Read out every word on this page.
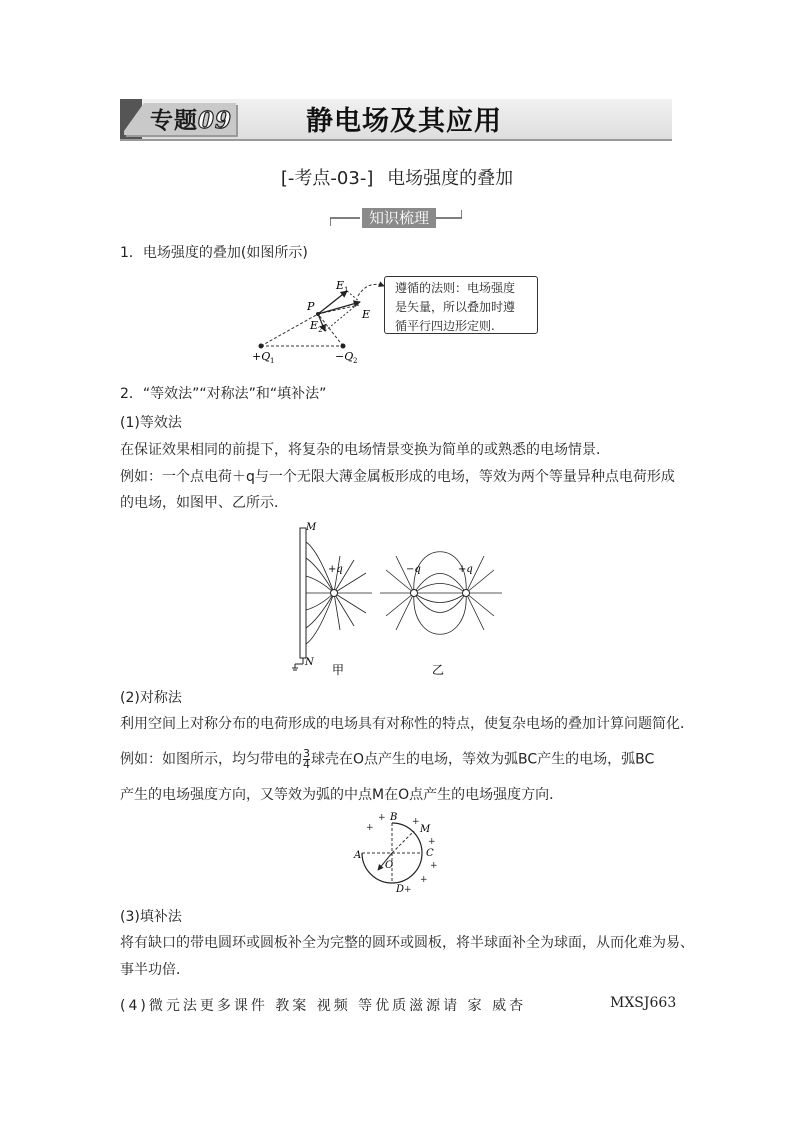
专题09	静电场及其应用
[-考点-03-] 电场强度的叠加
知识梳理

1．电场强度的叠加(如图所示)

E 1
P
E
E 2
+Q 1	−Q 2
遵循的法则：电场强度
是矢量，所以叠加时遵
循平行四边形定则.

2．“等效法”“对称法”和“填补法”

(1)等效法

在保证效果相同的前提下，将复杂的电场情景变换为简单的或熟悉的电场情景．

例如：一个点电荷＋q与一个无限大薄金属板形成的电场，等效为两个等量异种点电荷形成

的电场，如图甲、乙所示．

M
N
+q	−q	+q
甲	乙

(2)对称法

利用空间上对称分布的电荷形成的电场具有对称性的特点，使复杂电场的叠加计算问题简化．

例如：如图所示，均匀带电的 $\frac{3}{4}$ 球壳在O点产生的电场，等效为弧BC产生的电场，弧BC

产生的电场强度方向，又等效为弧的中点M在O点产生的电场强度方向．

B
M
A	C
O
D
+
+	+
+
+
+
+

(3)填补法

将有缺口的带电圆环或圆板补全为完整的圆环或圆板，将半球面补全为球面，从而化难为易、

事半功倍．

(4)微元法更多课件 教案 视频 等优质滋源请 家 威杏	MXSJ663
